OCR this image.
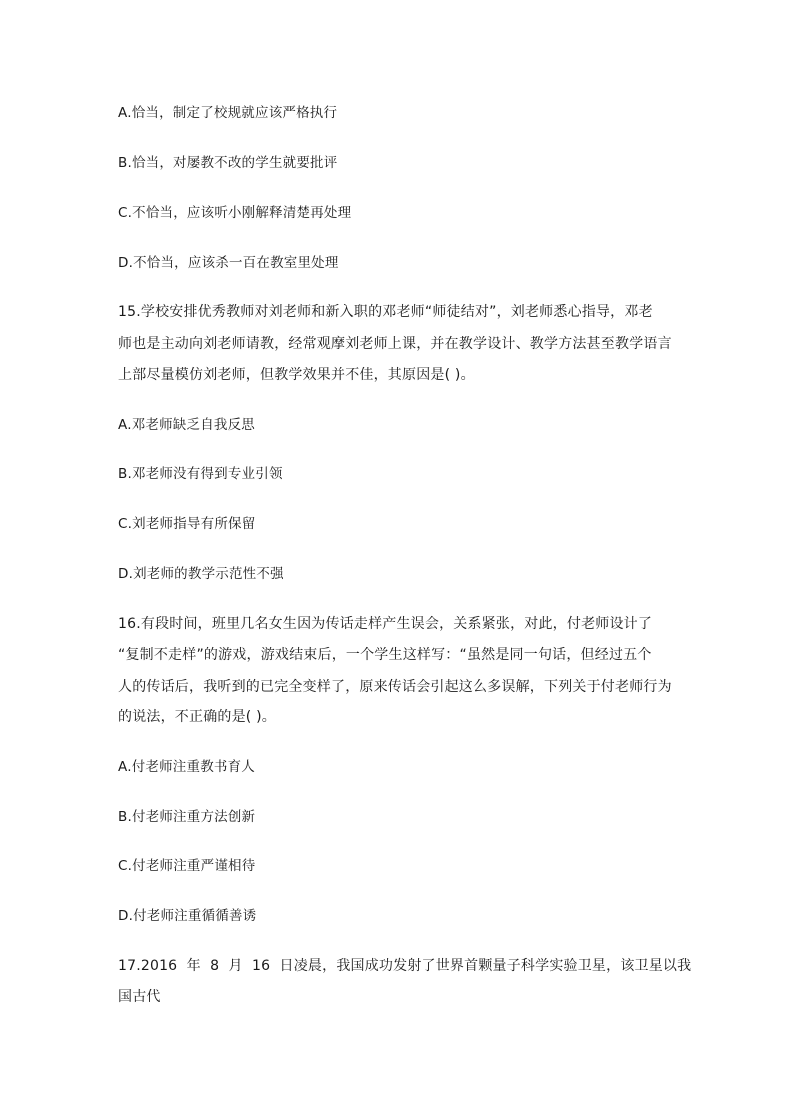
A.恰当，制定了校规就应该严格执行
B.恰当，对屡教不改的学生就要批评
C.不恰当，应该听小刚解释清楚再处理
D.不恰当，应该杀一百在教室里处理
15.学校安排优秀教师对刘老师和新入职的邓老师“师徒结对”，刘老师悉心指导，邓老
师也是主动向刘老师请教，经常观摩刘老师上课，并在教学设计、教学方法甚至教学语言
上部尽量模仿刘老师，但教学效果并不佳，其原因是( )。
A.邓老师缺乏自我反思
B.邓老师没有得到专业引领
C.刘老师指导有所保留
D.刘老师的教学示范性不强
16.有段时间，班里几名女生因为传话走样产生误会，关系紧张，对此，付老师设计了
“复制不走样”的游戏，游戏结束后，一个学生这样写：“虽然是同一句话，但经过五个
人的传话后，我听到的已完全变样了，原来传话会引起这么多误解，下列关于付老师行为
的说法，不正确的是( )。
A.付老师注重教书育人
B.付老师注重方法创新
C.付老师注重严谨相待
D.付老师注重循循善诱
17.2016  年  8  月  16  日凌晨，我国成功发射了世界首颗量子科学实验卫星，该卫星以我
国古代
